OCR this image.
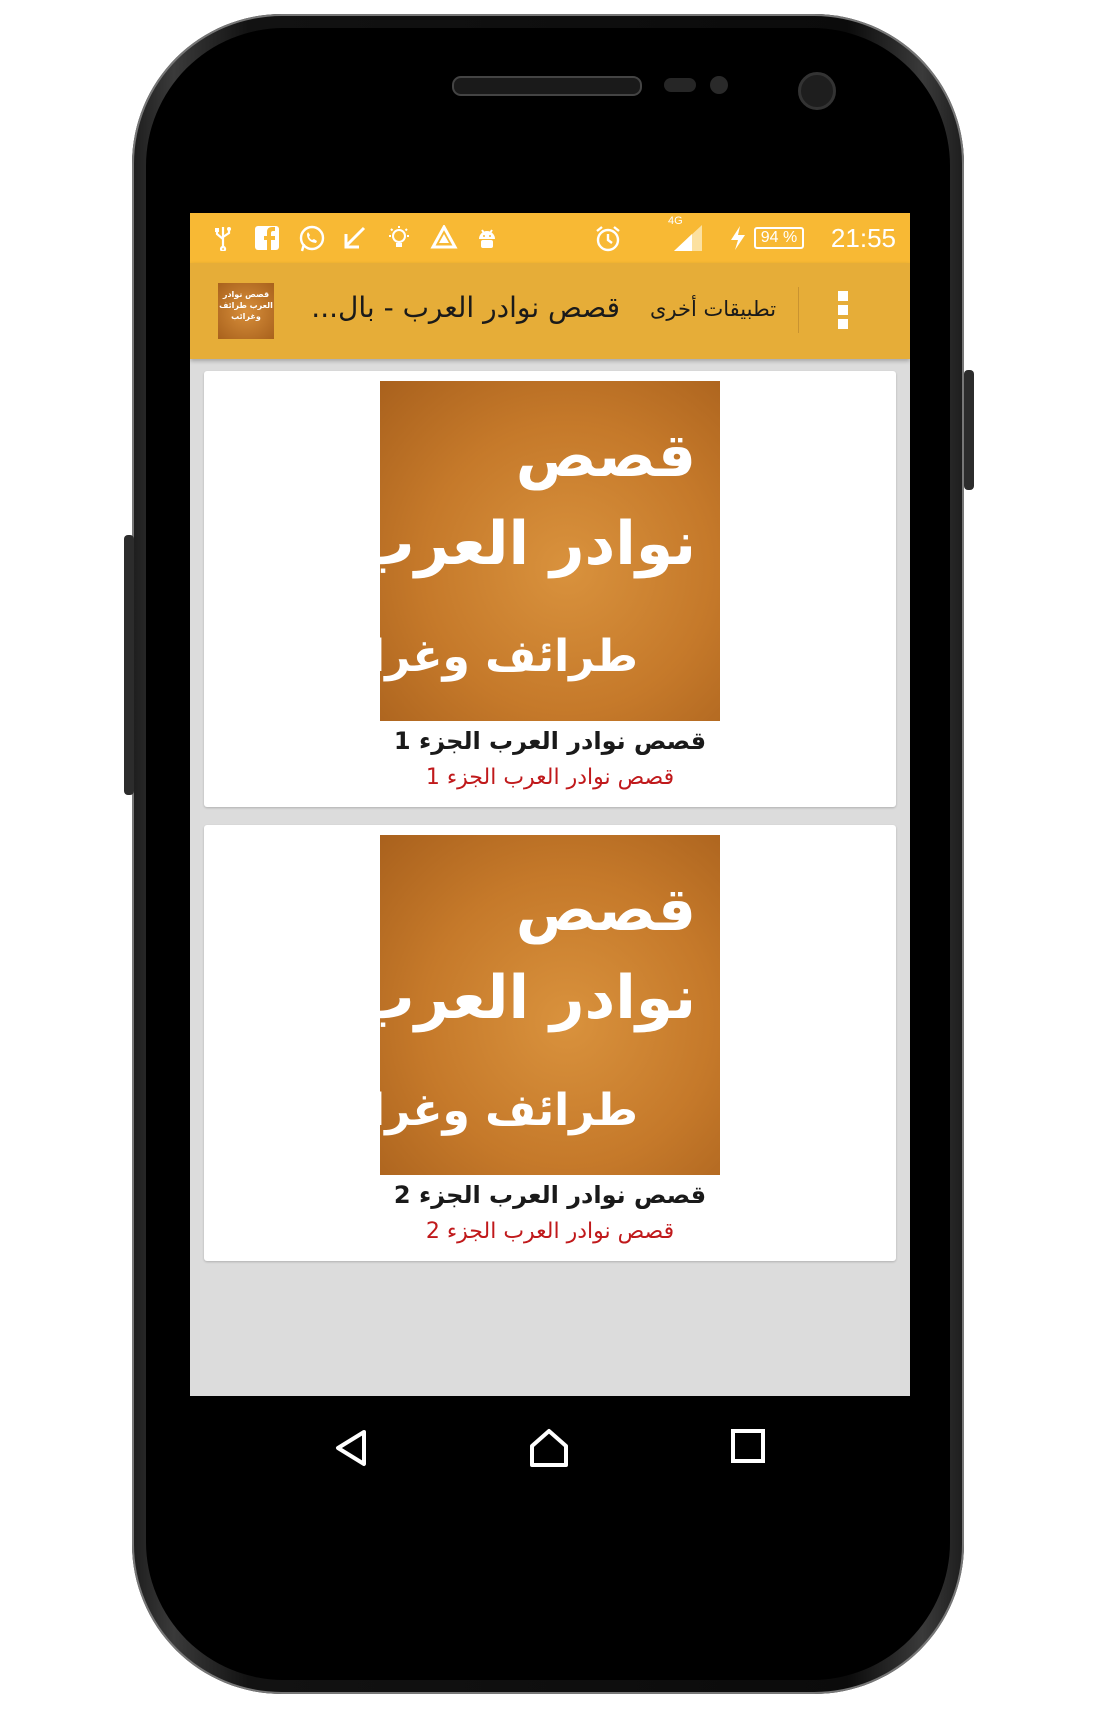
4G
94 % 21:55
قصص نوادر العرب طرائف وغرائب	قصص نوادر العرب - بال... تطبيقات أخرى
قصص
نوادر العرب
طرائف وغرائب
قصص نوادر العرب الجزء 1
قصص نوادر العرب الجزء 1
قصص
نوادر العرب
طرائف وغرائب
قصص نوادر العرب الجزء 2
قصص نوادر العرب الجزء 2
